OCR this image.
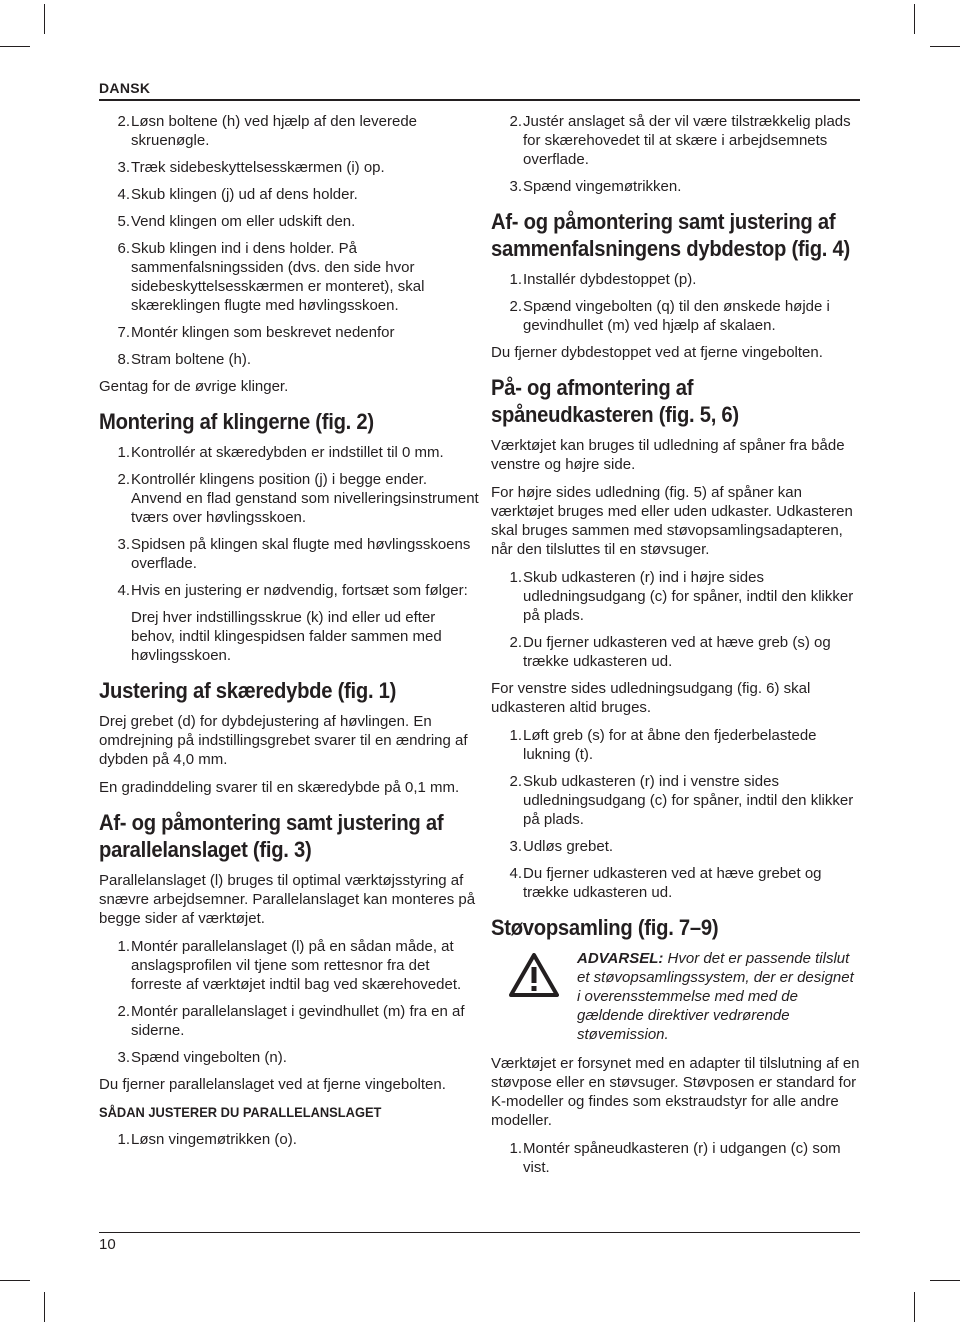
DANSK
2. Løsn boltene (h) ved hjælp af den leverede skruenøgle.
3. Træk sidebeskyttelsesskærmen (i) op.
4. Skub klingen (j) ud af dens holder.
5. Vend klingen om eller udskift den.
6. Skub klingen ind i dens holder. På sammenfalsningssiden (dvs. den side hvor sidebeskyttelsesskærmen er monteret), skal skæreklingen flugte med høvlingsskoen.
7. Montér klingen som beskrevet nedenfor
8. Stram boltene (h).

Gentag for de øvrige klinger.

Montering af klingerne (fig. 2)
1. Kontrollér at skæredybden er indstillet til 0 mm.
2. Kontrollér klingens position (j) i begge ender. Anvend en flad genstand som nivelleringsinstrument tværs over høvlingsskoen.
3. Spidsen på klingen skal flugte med høvlingsskoens overflade.
4. Hvis en justering er nødvendig, fortsæt som følger:
Drej hver indstillingsskrue (k) ind eller ud efter behov, indtil klingespidsen falder sammen med høvlingsskoen.
Justering af skæredybde (fig. 1)

Drej grebet (d) for dybdejustering af høvlingen. En omdrejning på indstillingsgrebet svarer til en ændring af dybden på 4,0 mm.

En gradinddeling svarer til en skæredybde på 0,1 mm.

Af- og påmontering samt justering af parallelanslaget (fig. 3)

Parallelanslaget (l) bruges til optimal værktøjsstyring af snævre arbejdsemner. Parallelanslaget kan monteres på begge sider af værktøjet.

1. Montér parallelanslaget (l) på en sådan måde, at anslagsprofilen vil tjene som rettesnor fra det forreste af værktøjet indtil bag ved skærehovedet.
2. Montér parallelanslaget i gevindhullet (m) fra en af siderne.
3. Spænd vingebolten (n).

Du fjerner parallelanslaget ved at fjerne vingebolten.

SÅDAN JUSTERER DU PARALLELANSLAGET
1. Løsn vingemøtrikken (o).
2. Justér anslaget så der vil være tilstrækkelig plads for skærehovedet til at skære i arbejdsemnets overflade.
3. Spænd vingemøtrikken.
Af- og påmontering samt justering af sammenfalsningens dybdestop (fig. 4)
1. Installér dybdestoppet (p).
2. Spænd vingebolten (q) til den ønskede højde i gevindhullet (m) ved hjælp af skalaen.

Du fjerner dybdestoppet ved at fjerne vingebolten.

På- og afmontering af spåneudkasteren (fig. 5, 6)

Værktøjet kan bruges til udledning af spåner fra både venstre og højre side.

For højre sides udledning (fig. 5) af spåner kan værktøjet bruges med eller uden udkaster. Udkasteren skal bruges sammen med støvopsamlingsadapteren, når den tilsluttes til en støvsuger.

1. Skub udkasteren (r) ind i højre sides udledningsudgang (c) for spåner, indtil den klikker på plads.
2. Du fjerner udkasteren ved at hæve greb (s) og trække udkasteren ud.

For venstre sides udledningsudgang (fig. 6) skal udkasteren altid bruges.

1. Løft greb (s) for at åbne den fjederbelastede lukning (t).
2. Skub udkasteren (r) ind i venstre sides udledningsudgang (c) for spåner, indtil den klikker på plads.
3. Udløs grebet.
4. Du fjerner udkasteren ved at hæve grebet og trække udkasteren ud.
Støvopsamling (fig. 7–9)
ADVARSEL: Hvor det er passende tilslut et støvopsamlingssystem, der er designet i overensstemmelse med med de gældende direktiver vedrørende støvemission.

Værktøjet er forsynet med en adapter til tilslutning af en støvpose eller en støvsuger. Støvposen er standard for K-modeller og findes som ekstraudstyr for alle andre modeller.

1. Montér spåneudkasteren (r) i udgangen (c) som vist.
10
